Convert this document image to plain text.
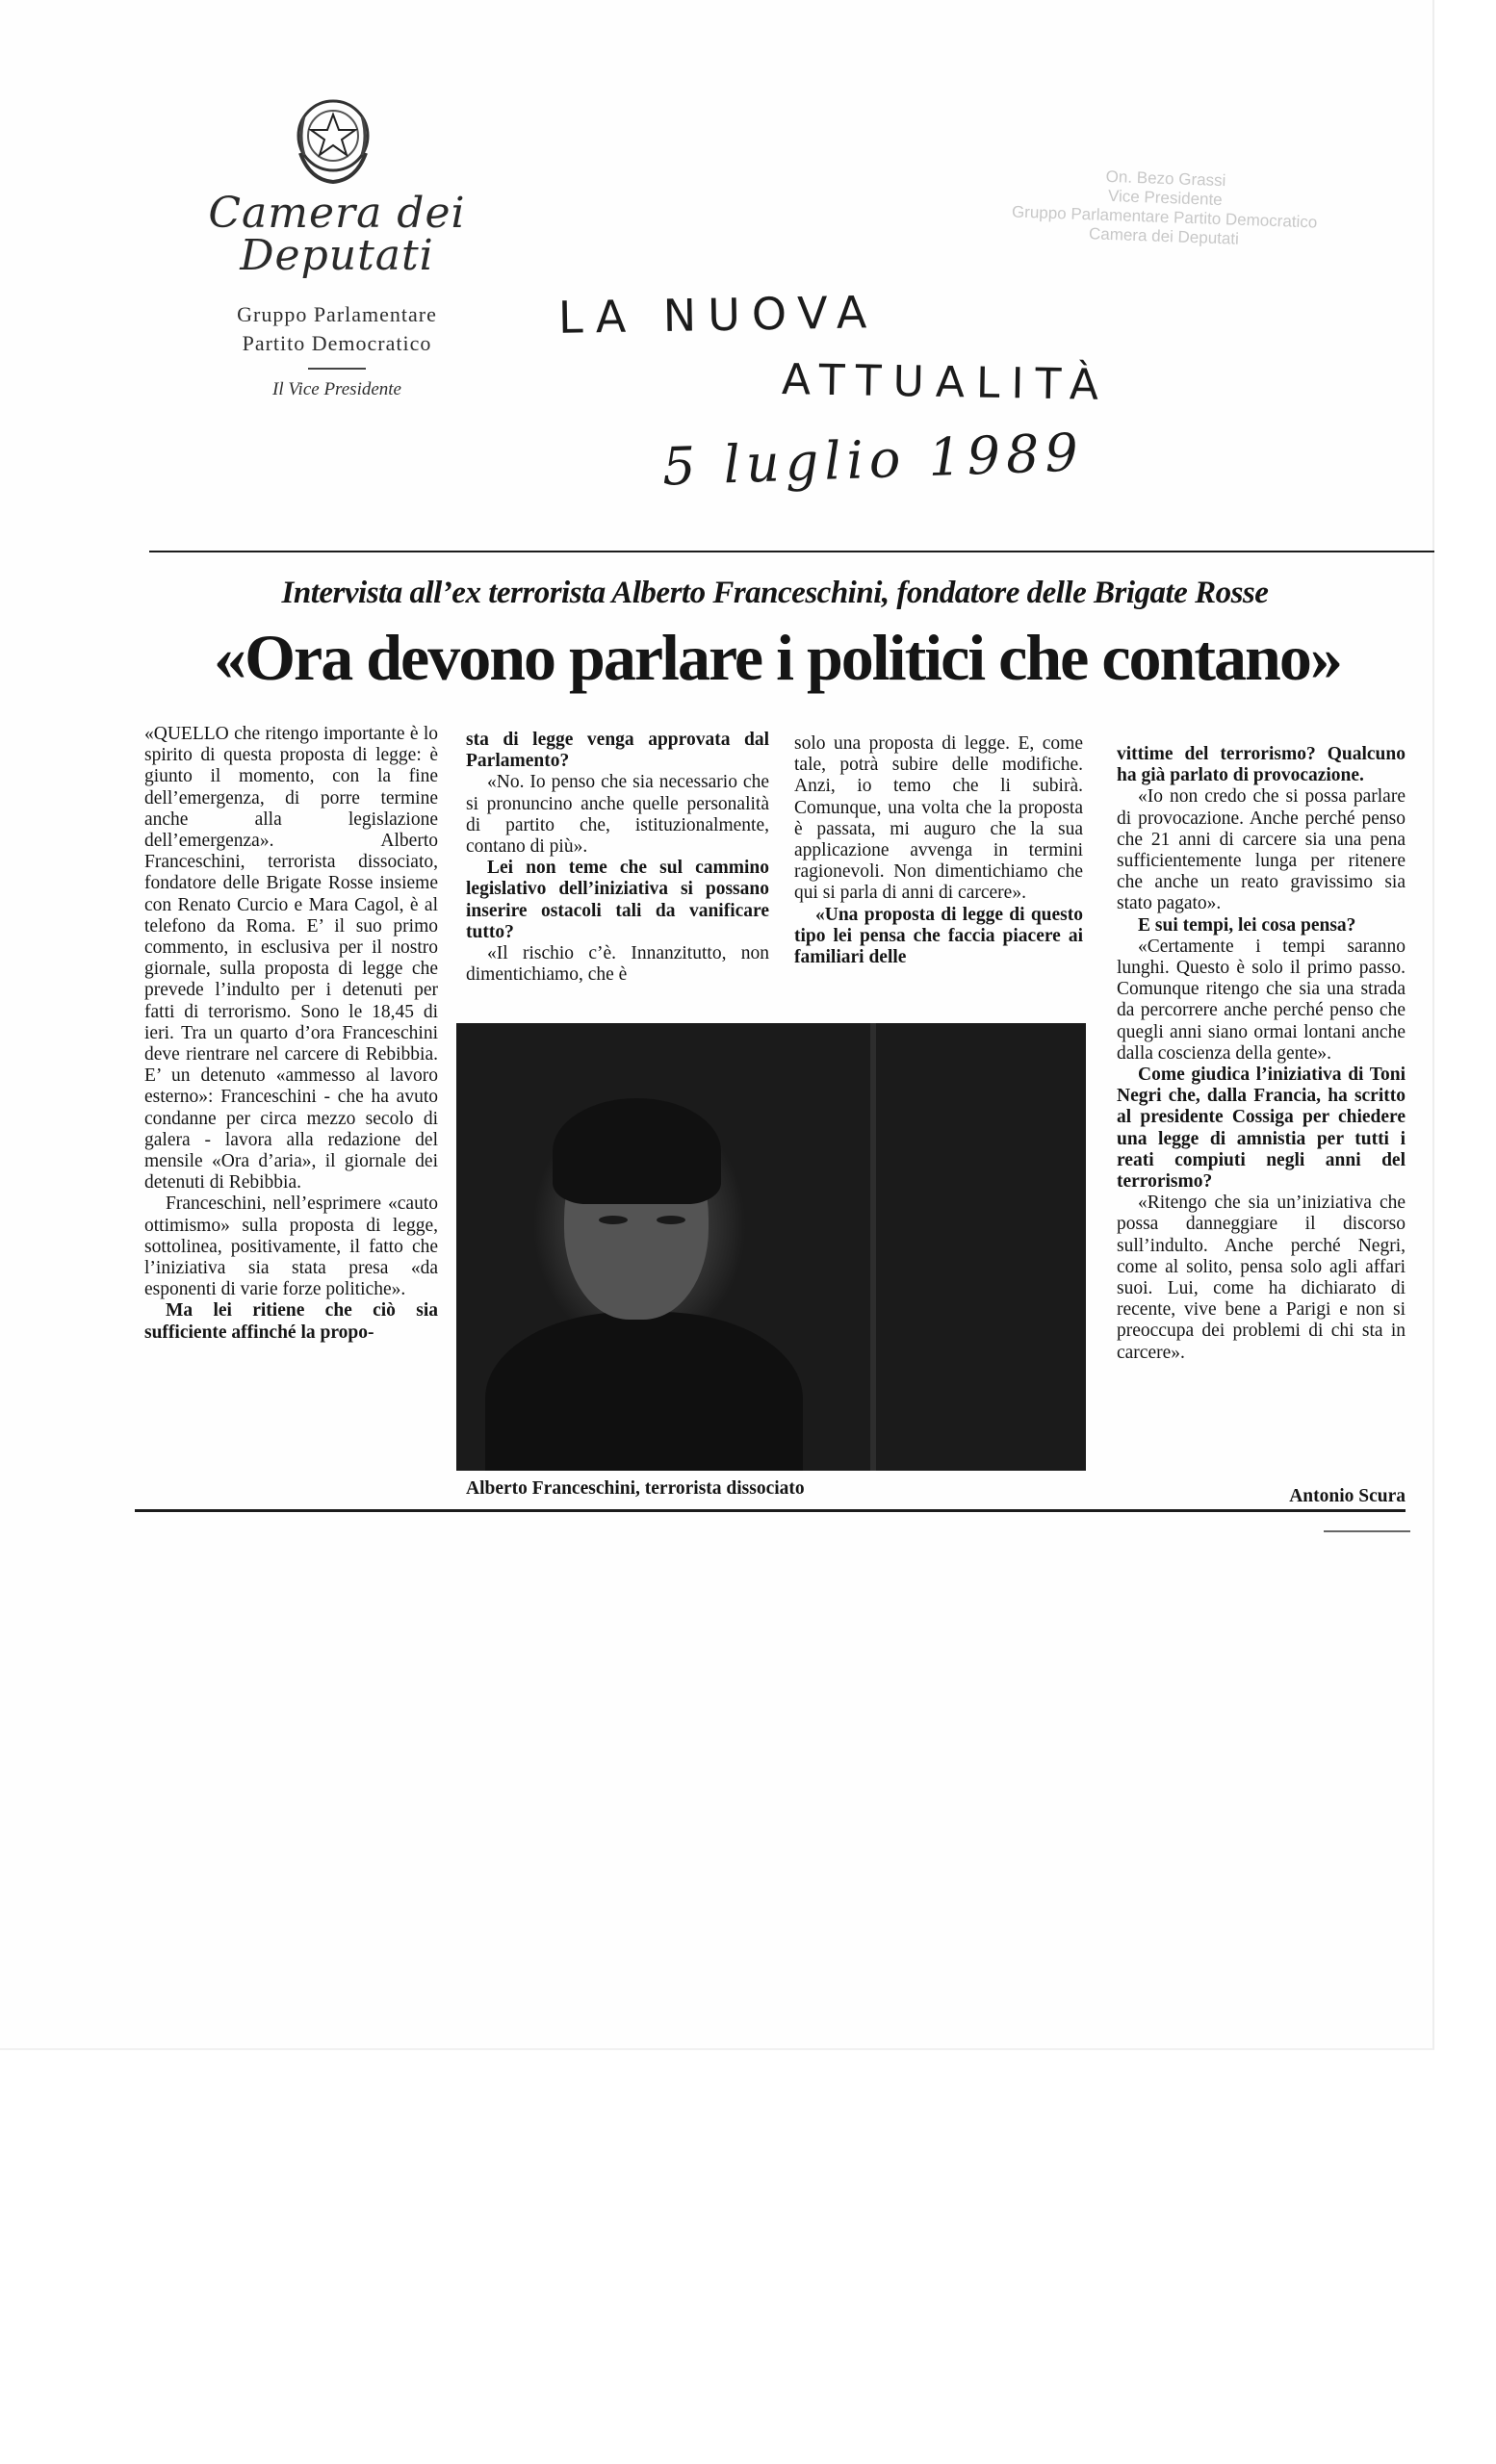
Camera dei Deputati
Gruppo Parlamentare
Partito Democratico
Il Vice Presidente
On. Bezo Grassi
Vice Presidente
Gruppo Parlamentare Partito Democratico
Camera dei Deputati
LA NUOVA
ATTUALITÀ
5 luglio 1989
Intervista all’ex terrorista Alberto Franceschini, fondatore delle Brigate Rosse
«Ora devono parlare i politici che contano»

«QUELLO che ritengo importante è lo spirito di questa proposta di legge: è giunto il momento, con la fine dell’emergenza, di porre termine anche alla legislazione dell’emergenza». Alberto Franceschini, terrorista dissociato, fondatore delle Brigate Rosse insieme con Renato Curcio e Mara Cagol, è al telefono da Roma. E’ il suo primo commento, in esclusiva per il nostro giornale, sulla proposta di legge che prevede l’indulto per i detenuti per fatti di terrorismo. Sono le 18,45 di ieri. Tra un quarto d’ora Franceschini deve rientrare nel carcere di Rebibbia. E’ un detenuto «ammesso al lavoro esterno»: Franceschini - che ha avuto condanne per circa mezzo secolo di galera - lavora alla redazione del mensile «Ora d’aria», il giornale dei detenuti di Rebibbia.

Franceschini, nell’esprimere «cauto ottimismo» sulla proposta di legge, sottolinea, positivamente, il fatto che l’iniziativa sia stata presa «da esponenti di varie forze politiche».

Ma lei ritiene che ciò sia sufficiente affinché la propo-

sta di legge venga approvata dal Parlamento?

«No. Io penso che sia necessario che si pronuncino anche quelle personalità di partito che, istituzionalmente, contano di più».

Lei non teme che sul cammino legislativo dell’iniziativa si possano inserire ostacoli tali da vanificare tutto?

«Il rischio c’è. Innanzitutto, non dimentichiamo, che è

solo una proposta di legge. E, come tale, potrà subire delle modifiche. Anzi, io temo che li subirà. Comunque, una volta che la proposta è passata, mi auguro che la sua applicazione avvenga in termini ragionevoli. Non dimentichiamo che qui si parla di anni di carcere».

«Una proposta di legge di questo tipo lei pensa che faccia piacere ai familiari delle

Alberto Franceschini, terrorista dissociato

vittime del terrorismo? Qualcuno ha già parlato di provocazione.

«Io non credo che si possa parlare di provocazione. Anche perché penso che 21 anni di carcere sia una pena sufficientemente lunga per ritenere che anche un reato gravissimo sia stato pagato».

E sui tempi, lei cosa pensa?

«Certamente i tempi saranno lunghi. Questo è solo il primo passo. Comunque ritengo che sia una strada da percorrere anche perché penso che quegli anni siano ormai lontani anche dalla coscienza della gente».

Come giudica l’iniziativa di Toni Negri che, dalla Francia, ha scritto al presidente Cossiga per chiedere una legge di amnistia per tutti i reati compiuti negli anni del terrorismo?

«Ritengo che sia un’iniziativa che possa danneggiare il discorso sull’indulto. Anche perché Negri, come al solito, pensa solo agli affari suoi. Lui, come ha dichiarato di recente, vive bene a Parigi e non si preoccupa dei problemi di chi sta in carcere».

Antonio Scura
